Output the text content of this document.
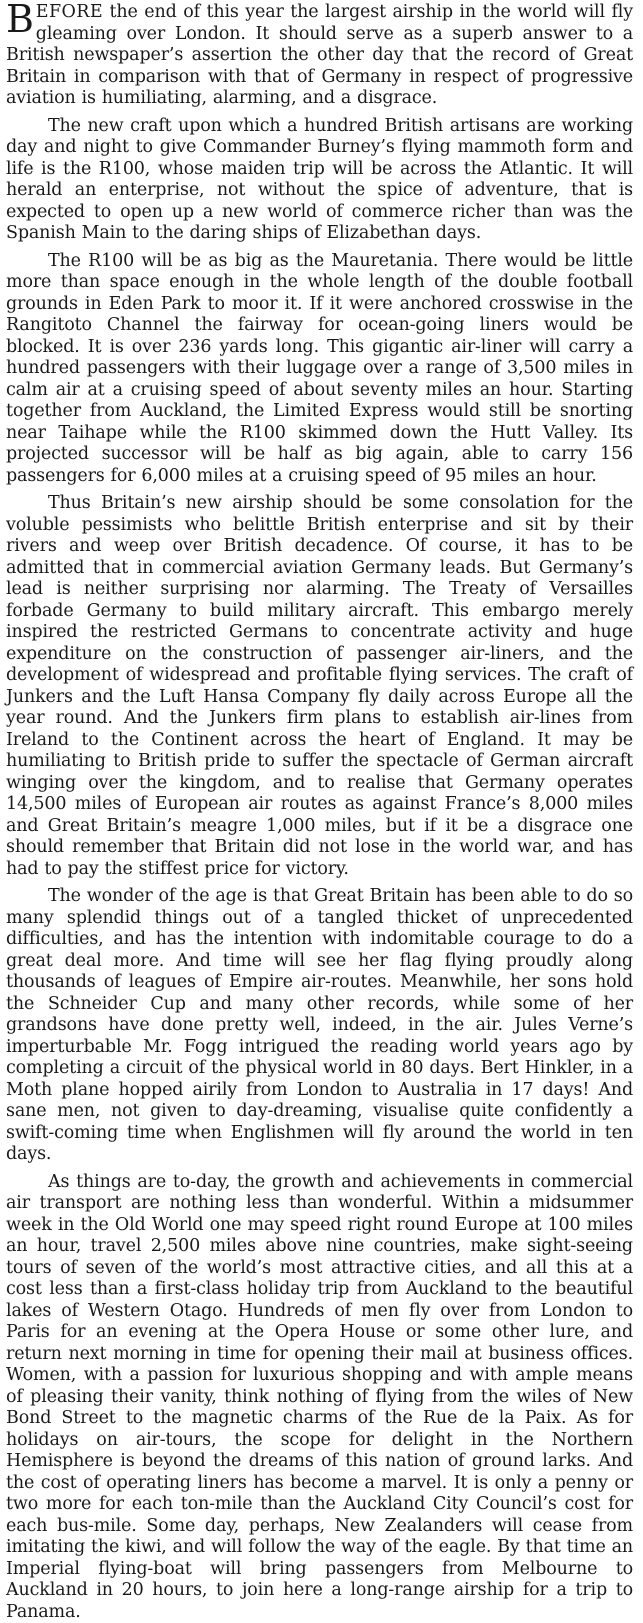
BEFORE the end of this year the largest airship in the world will fly gleaming over London. It should serve as a superb answer to a British newspaper’s assertion the other day that the record of Great Britain in comparison with that of Germany in respect of progressive aviation is humiliating, alarming, and a disgrace.

The new craft upon which a hundred British artisans are working day and night to give Commander Burney’s flying mammoth form and life is the R100, whose maiden trip will be across the Atlantic. It will herald an enterprise, not without the spice of adventure, that is expected to open up a new world of commerce richer than was the Spanish Main to the daring ships of Elizabethan days.

The R100 will be as big as the Mauretania. There would be little more than space enough in the whole length of the double football grounds in Eden Park to moor it. If it were anchored crosswise in the Rangitoto Channel the fairway for ocean-going liners would be blocked. It is over 236 yards long. This gigantic air-liner will carry a hundred passengers with their luggage over a range of 3,500 miles in calm air at a cruising speed of about seventy miles an hour. Starting together from Auckland, the Limited Express would still be snorting near Taihape while the R100 skimmed down the Hutt Valley. Its projected successor will be half as big again, able to carry 156 passengers for 6,000 miles at a cruising speed of 95 miles an hour.

Thus Britain’s new airship should be some consolation for the voluble pessimists who belittle British enterprise and sit by their rivers and weep over British decadence. Of course, it has to be admitted that in commercial aviation Germany leads. But Germany’s lead is neither surprising nor alarming. The Treaty of Versailles forbade Germany to build military aircraft. This embargo merely inspired the restricted Germans to concentrate activity and huge expenditure on the construction of passenger air-liners, and the development of widespread and profitable flying services. The craft of Junkers and the Luft Hansa Company fly daily across Europe all the year round. And the Junkers firm plans to establish air-lines from Ireland to the Continent across the heart of England. It may be humiliating to British pride to suffer the spectacle of German aircraft winging over the kingdom, and to realise that Germany operates 14,500 miles of European air routes as against France’s 8,000 miles and Great Britain’s meagre 1,000 miles, but if it be a disgrace one should remember that Britain did not lose in the world war, and has had to pay the stiffest price for victory.

The wonder of the age is that Great Britain has been able to do so many splendid things out of a tangled thicket of unprecedented difficulties, and has the intention with indomitable courage to do a great deal more. And time will see her flag flying proudly along thousands of leagues of Empire air-routes. Meanwhile, her sons hold the Schneider Cup and many other records, while some of her grandsons have done pretty well, indeed, in the air. Jules Verne’s imperturbable Mr. Fogg intrigued the reading world years ago by completing a circuit of the physical world in 80 days. Bert Hinkler, in a Moth plane hopped airily from London to Australia in 17 days! And sane men, not given to day-dreaming, visualise quite confidently a swift-coming time when Englishmen will fly around the world in ten days.

As things are to-day, the growth and achievements in commercial air transport are nothing less than wonderful. Within a midsummer week in the Old World one may speed right round Europe at 100 miles an hour, travel 2,500 miles above nine countries, make sight-seeing tours of seven of the world’s most attractive cities, and all this at a cost less than a first-class holiday trip from Auckland to the beautiful lakes of Western Otago. Hundreds of men fly over from London to Paris for an evening at the Opera House or some other lure, and return next morning in time for opening their mail at business offices. Women, with a passion for luxurious shopping and with ample means of pleasing their vanity, think nothing of flying from the wiles of New Bond Street to the magnetic charms of the Rue de la Paix. As for holidays on air-tours, the scope for delight in the Northern Hemisphere is beyond the dreams of this nation of ground larks. And the cost of operating liners has become a marvel. It is only a penny or two more for each ton-mile than the Auckland City Council’s cost for each bus-mile. Some day, perhaps, New Zealanders will cease from imitating the kiwi, and will follow the way of the eagle. By that time an Imperial flying-boat will bring passengers from Melbourne to Auckland in 20 hours, to join here a long-range airship for a trip to Panama.
